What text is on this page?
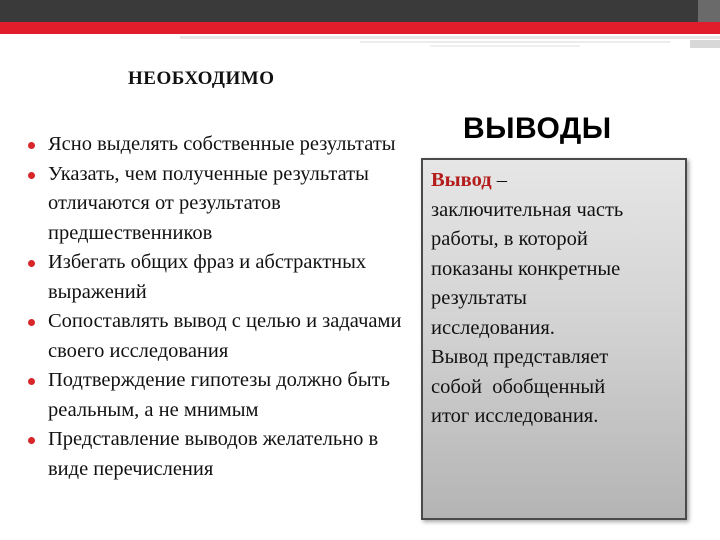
НЕОБХОДИМО
Ясно выделять собственные результаты
Указать, чем полученные результаты отличаются от результатов предшественников
Избегать общих фраз и абстрактных выражений
Сопоставлять вывод с целью и задачами своего исследования
Подтверждение гипотезы должно быть реальным, а не мнимым
Представление выводов желательно в виде перечисления
ВЫВОДЫ

Вывод –

заключительная часть

работы, в которой

показаны конкретные

результаты

исследования.

Вывод представляет

собой  обобщенный

итог исследования.
